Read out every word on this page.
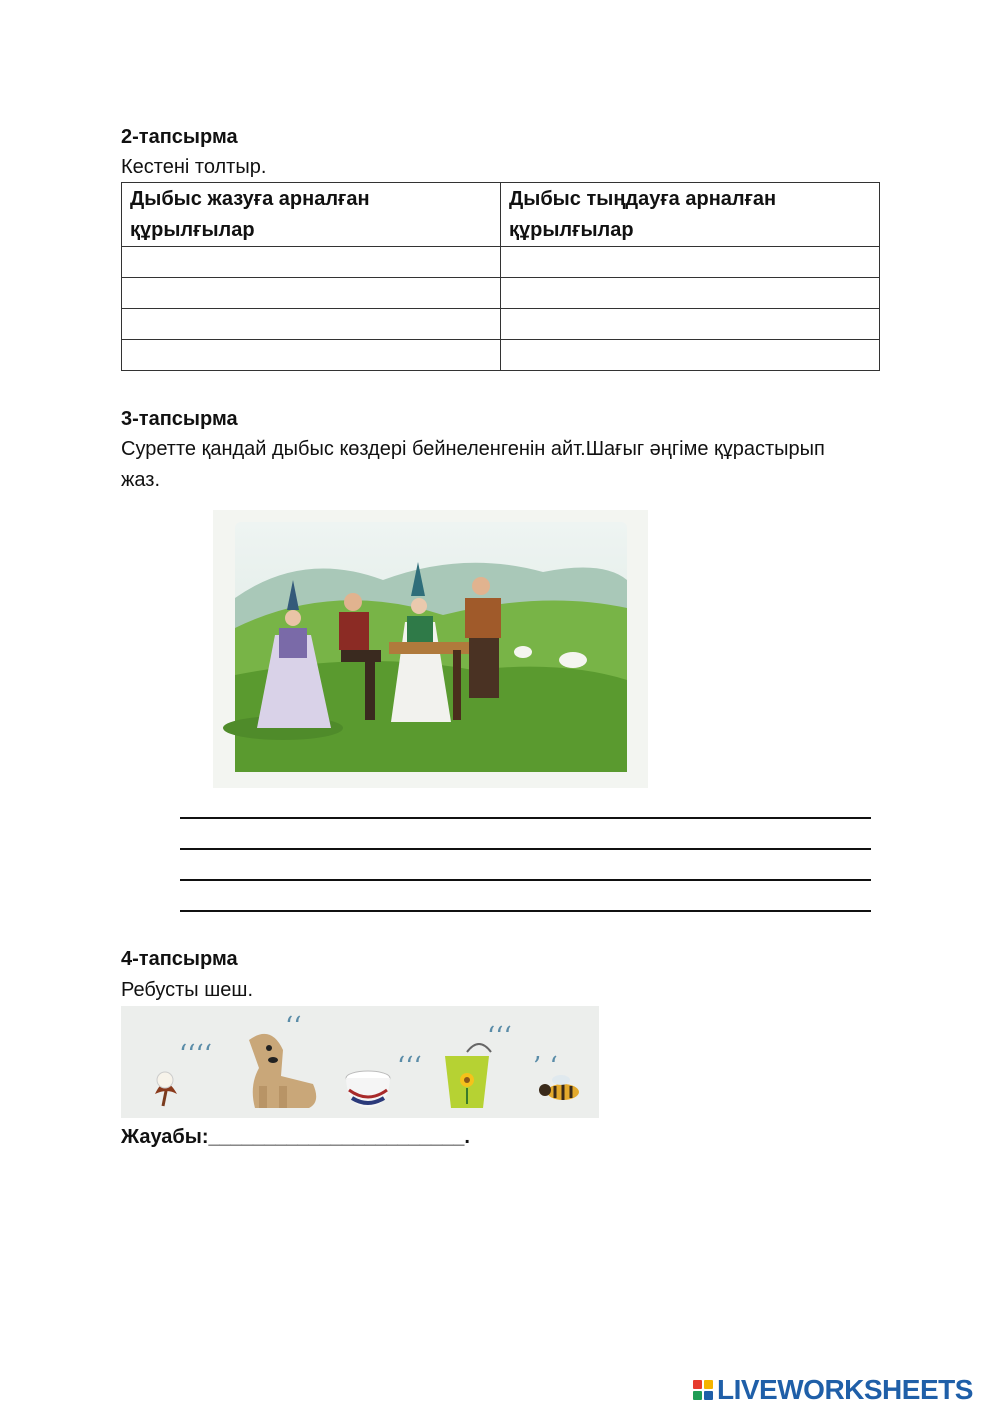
2-тапсырма
Кестені толтыр.
Дыбыс жазуға арналған құрылғылар	Дыбыс тыңдауға арналған құрылғылар

3-тапсырма
Суретте қандай дыбыс көздері бейнеленгенін айт.Шағыг әңгіме құрастырып жаз.
4-тапсырма
Ребусты шеш.
‘‘‘‘
‘‘
‘‘‘
‘‘‘
’ ‘
Жауабы: _______________________.
LIVEWORKSHEETS
